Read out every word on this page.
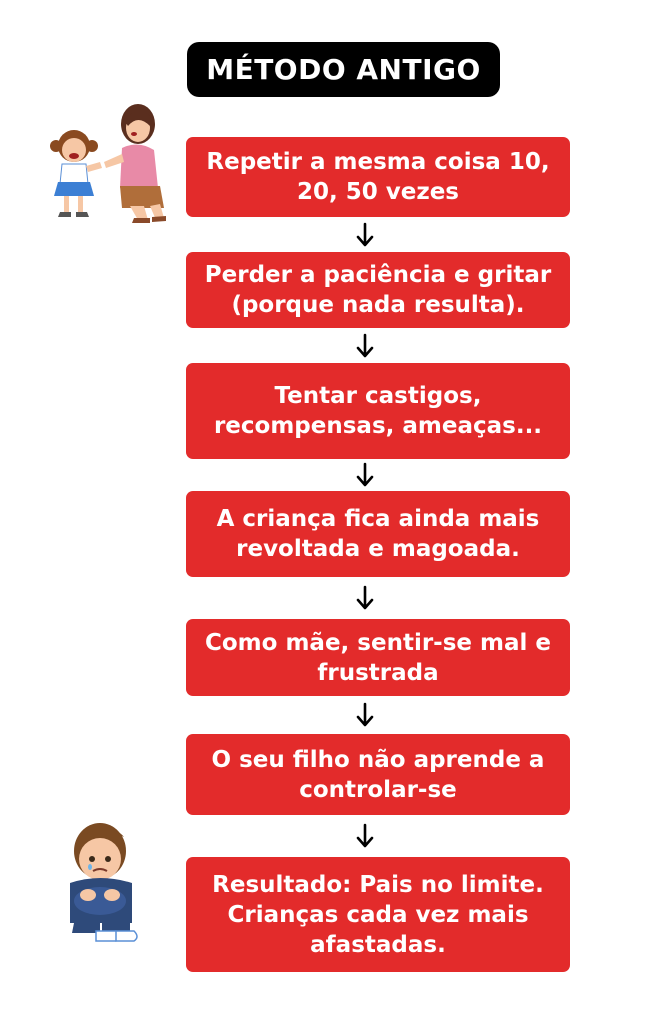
MÉTODO ANTIGO
Repetir a mesma coisa 10, 20, 50 vezes
Perder a paciência e gritar (porque nada resulta).
Tentar castigos, recompensas, ameaças...
A criança fica ainda mais revoltada e magoada.
Como mãe, sentir-se mal e frustrada
O seu filho não aprende a controlar-se
Resultado: Pais no limite. Crianças cada vez mais afastadas.
